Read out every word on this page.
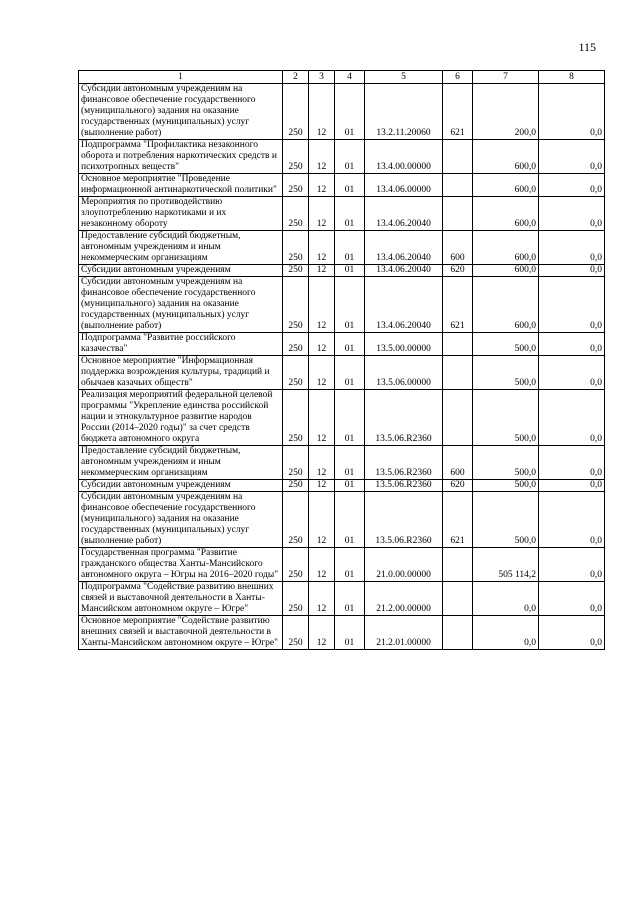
115
1	2	3	4	5	6	7	8
Субсидии автономным учреждениям на финансовое обеспечение государственного (муниципального) задания на оказание государственных (муниципальных) услуг (выполнение работ)	250	12	01	13.2.11.20060	621	200,0	0,0
Подпрограмма "Профилактика незаконного оборота и потребления наркотических средств и психотропных веществ"	250	12	01	13.4.00.00000		600,0	0,0
Основное мероприятие "Проведение информационной антинаркотической политики"	250	12	01	13.4.06.00000		600,0	0,0
Мероприятия по противодействию злоупотреблению наркотиками и их незаконному обороту	250	12	01	13.4.06.20040		600,0	0,0
Предоставление субсидий бюджетным, автономным учреждениям и иным некоммерческим организациям	250	12	01	13.4.06.20040	600	600,0	0,0
Субсидии автономным учреждениям	250	12	01	13.4.06.20040	620	600,0	0,0
Субсидии автономным учреждениям на финансовое обеспечение государственного (муниципального) задания на оказание государственных (муниципальных) услуг (выполнение работ)	250	12	01	13.4.06.20040	621	600,0	0,0
Подпрограмма "Развитие российского казачества"	250	12	01	13.5.00.00000		500,0	0,0
Основное мероприятие "Информационная поддержка возрождения культуры, традиций и обычаев казачьих обществ"	250	12	01	13.5.06.00000		500,0	0,0
Реализация мероприятий федеральной целевой программы "Укрепление единства российской нации и этнокультурное развитие народов России (2014–2020 годы)" за счет средств бюджета автономного округа	250	12	01	13.5.06.R2360		500,0	0,0
Предоставление субсидий бюджетным, автономным учреждениям и иным некоммерческим организациям	250	12	01	13.5.06.R2360	600	500,0	0,0
Субсидии автономным учреждениям	250	12	01	13.5.06.R2360	620	500,0	0,0
Субсидии автономным учреждениям на финансовое обеспечение государственного (муниципального) задания на оказание государственных (муниципальных) услуг (выполнение работ)	250	12	01	13.5.06.R2360	621	500,0	0,0
Государственная программа "Развитие гражданского общества Ханты-Мансийского автономного округа – Югры на 2016–2020 годы"	250	12	01	21.0.00.00000		505 114,2	0,0
Подпрограмма "Содействие развитию внешних связей и выставочной деятельности в Ханты-Мансийском автономном округе – Югре"	250	12	01	21.2.00.00000		0,0	0,0
Основное мероприятие "Содействие развитию внешних связей и выставочной деятельности в Ханты-Мансийском автономном округе – Югре"	250	12	01	21.2.01.00000		0,0	0,0
